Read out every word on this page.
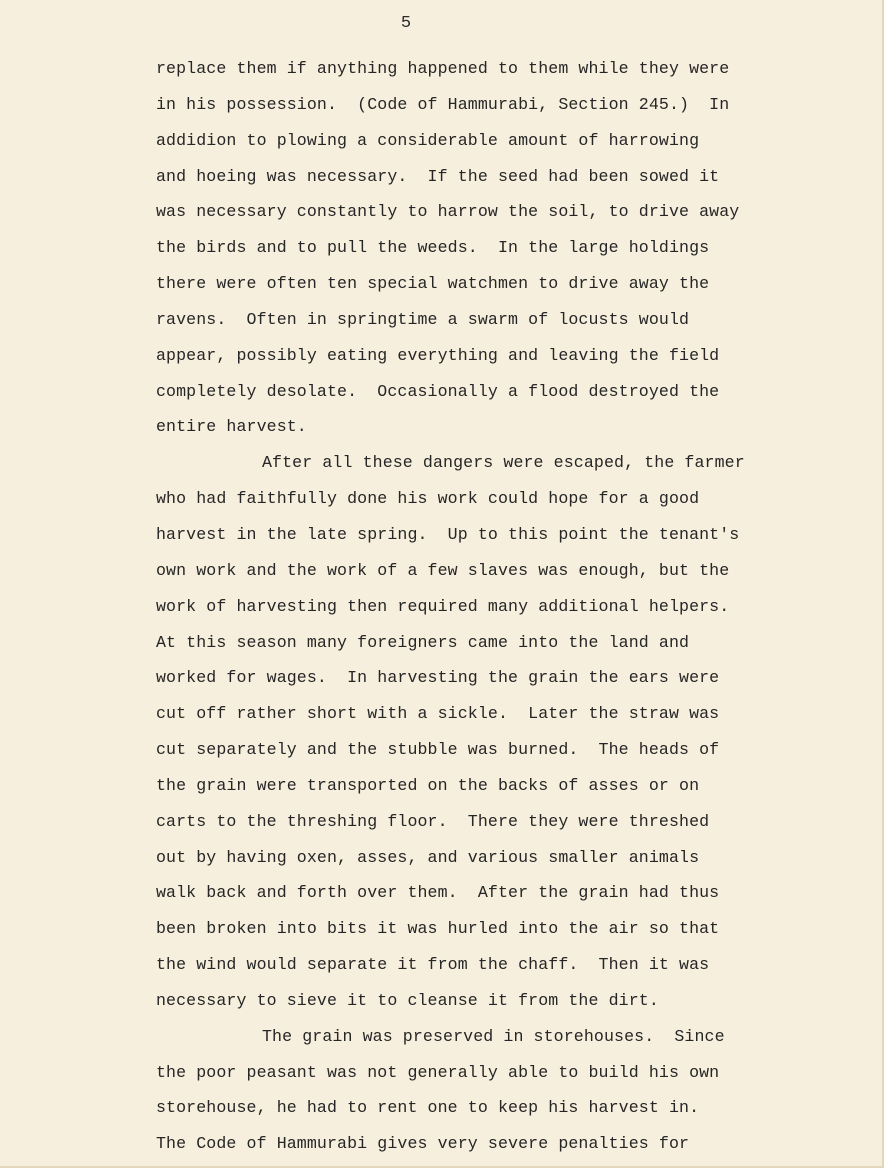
5
replace them if anything happened to them while they were
in his possession.  (Code of Hammurabi, Section 245.)  In
addidion to plowing a considerable amount of harrowing
and hoeing was necessary.  If the seed had been sowed it
was necessary constantly to harrow the soil, to drive away
the birds and to pull the weeds.  In the large holdings
there were often ten special watchmen to drive away the
ravens.  Often in springtime a swarm of locusts would
appear, possibly eating everything and leaving the field
completely desolate.  Occasionally a flood destroyed the
entire harvest.
After all these dangers were escaped, the farmer
who had faithfully done his work could hope for a good
harvest in the late spring.  Up to this point the tenant's
own work and the work of a few slaves was enough, but the
work of harvesting then required many additional helpers.
At this season many foreigners came into the land and
worked for wages.  In harvesting the grain the ears were
cut off rather short with a sickle.  Later the straw was
cut separately and the stubble was burned.  The heads of
the grain were transported on the backs of asses or on
carts to the threshing floor.  There they were threshed
out by having oxen, asses, and various smaller animals
walk back and forth over them.  After the grain had thus
been broken into bits it was hurled into the air so that
the wind would separate it from the chaff.  Then it was
necessary to sieve it to cleanse it from the dirt.
The grain was preserved in storehouses.  Since
the poor peasant was not generally able to build his own
storehouse, he had to rent one to keep his harvest in.
The Code of Hammurabi gives very severe penalties for
